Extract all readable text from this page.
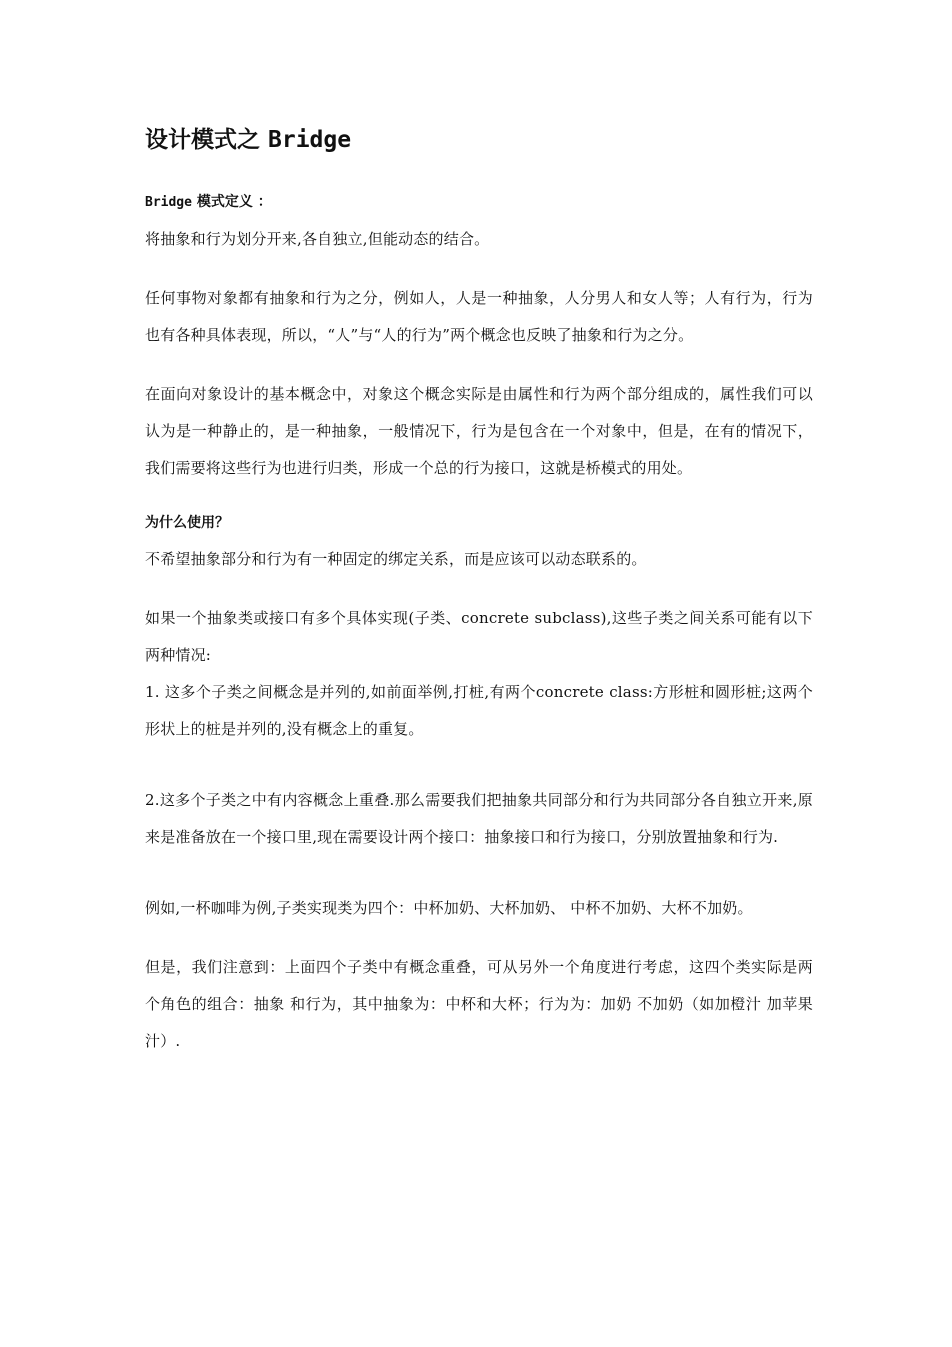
设计模式之 Bridge
Bridge 模式定义 ：

将抽象和行为划分开来,各自独立,但能动态的结合。

任何事物对象都有抽象和行为之分，例如人，人是一种抽象，人分男人和女人等；人有行为，行为也有各种具体表现，所以，“人”与“人的行为”两个概念也反映了抽象和行为之分。

在面向对象设计的基本概念中，对象这个概念实际是由属性和行为两个部分组成的，属性我们可以认为是一种静止的，是一种抽象，一般情况下，行为是包含在一个对象中，但是，在有的情况下，我们需要将这些行为也进行归类，形成一个总的行为接口，这就是桥模式的用处。

为什么使用？

不希望抽象部分和行为有一种固定的绑定关系，而是应该可以动态联系的。

如果一个抽象类或接口有多个具体实现(子类、concrete subclass),这些子类之间关系可能有以下两种情况:

1. 这多个子类之间概念是并列的,如前面举例,打桩,有两个concrete class:方形桩和圆形桩;这两个形状上的桩是并列的,没有概念上的重复。

2.这多个子类之中有内容概念上重叠.那么需要我们把抽象共同部分和行为共同部分各自独立开来,原来是准备放在一个接口里,现在需要设计两个接口：抽象接口和行为接口，分别放置抽象和行为.

例如,一杯咖啡为例,子类实现类为四个：中杯加奶、大杯加奶、 中杯不加奶、大杯不加奶。

但是，我们注意到：上面四个子类中有概念重叠，可从另外一个角度进行考虑，这四个类实际是两个角色的组合：抽象 和行为，其中抽象为：中杯和大杯；行为为：加奶 不加奶（如加橙汁 加苹果汁）.
